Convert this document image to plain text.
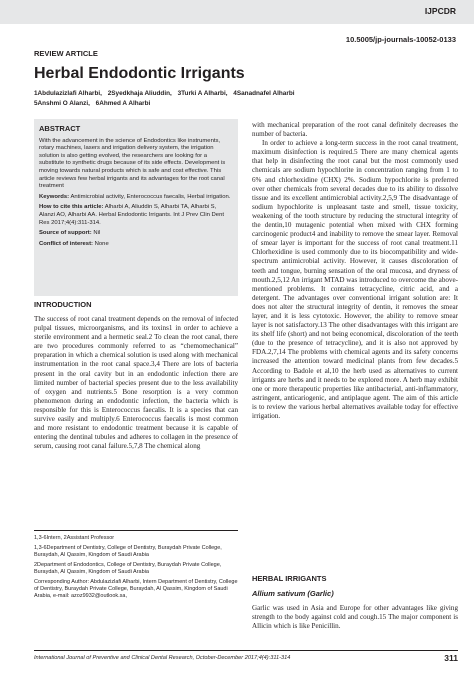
IJPCDR
10.5005/jp-journals-10052-0133
REVIEW ARTICLE
Herbal Endodontic Irrigants
1Abdulazizlafi Alharbi, 2Syedkhaja Aliuddin, 3Turki A Alharbi, 4Sanadnafel Alharbi
5Anshmi O Alanzi, 6Ahmed A Alharbi
ABSTRACT

With the advancement in the science of Endodontics like instruments, rotary machines, lasers and irrigation delivery system, the irrigation solution is also getting evolved, the researchers are looking for a substitute to synthetic drugs because of its side effects. Development is moving towards natural products which is safe and cost effective. This article reviews few herbal irrigants and its advantages for the root canal treatment

Keywords: Antimicrobial activity, Enterococcus faecalis, Herbal irrigation.

How to cite this article: Alharbi A, Aliuddin S, Alharbi TA, Alharbi S, Alanzi AO, Alharbi AA. Herbal Endodontic Irrigants. Int J Prev Clin Dent Res 2017;4(4):311-314.

Source of support: Nil

Conflict of interest: None

INTRODUCTION
The success of root canal treatment depends on the removal of infected pulpal tissues, microorganisms, and its toxins1 in order to achieve a sterile environment and a hermetic seal.2 To clean the root canal, there are two procedures commonly referred to as “chemomechanical” preparation in which a chemical solution is used along with mechanical instrumentation in the root canal space.3,4 There are lots of bacteria present in the oral cavity but in an endodontic infection there are limited number of bacterial species present due to the less availability of oxygen and nutrients.5 Bone resorption is a very common phenomenon during an endodontic infection, the bacteria which is responsible for this is Enterococcus faecalis. It is a species that can survive easily and multiply.6 Enterococcus faecalis is most common and more resistant to endodontic treatment because it is capable of entering the dentinal tubules and adheres to collagen in the presence of serum, causing root canal failure.5,7,8 The chemical along

1,3-6Intern, 2Assistant Professor

1,3-6Department of Dentistry, College of Dentistry, Buraydah Private College, Buraydah, Al Qassim, Kingdom of Saudi Arabia

2Department of Endodontics, College of Dentistry, Buraydah Private College, Buraydah, Al Qassim, Kingdom of Saudi Arabia

Corresponding Author: Abdulazizlafi Alharbi, Intern Department of Dentistry, College of Dentistry, Buraydah Private College, Buraydah, Al Qassim, Kingdom of Saudi Arabia, e-mail: azoz9932@outlook.sa,

with mechanical preparation of the root canal definitely decreases the number of bacteria.
In order to achieve a long-term success in the root canal treatment, maximum disinfection is required.5 There are many chemical agents that help in disinfecting the root canal but the most commonly used chemicals are sodium hypochlorite in concentration ranging from 1 to 6% and chlorhexidine (CHX) 2%. Sodium hypochlorite is preferred over other chemicals from several decades due to its ability to dissolve tissue and its excellent antimicrobial activity.2,5,9 The disadvantage of sodium hypochlorite is unpleasant taste and smell, tissue toxicity, weakening of the tooth structure by reducing the structural integrity of the dentin,10 mutagenic potential when mixed with CHX forming carcinogenic product4 and inability to remove the smear layer. Removal of smear layer is important for the success of root canal treatment.11 Chlorhexidine is used commonly due to its biocompatibility and wide-spectrum antimicrobial activity. However, it causes discoloration of teeth and tongue, burning sensation of the oral mucosa, and dryness of mouth.2,5,12 An irrigant MTAD was introduced to overcome the above-mentioned problems. It contains tetracycline, citric acid, and a detergent. The advantages over conventional irrigant solution are: It does not alter the structural integrity of dentin, it removes the smear layer, and it is less cytotoxic. However, the ability to remove smear layer is not satisfactory.13 The other disadvantages with this irrigant are its shelf life (short) and not being economical, discoloration of the teeth (due to the presence of tetracycline), and it is also not approved by FDA.2,7,14 The problems with chemical agents and its safety concerns increased the attention toward medicinal plants from few decades.5 According to Badole et al,10 the herb used as alternatives to current irrigants are herbs and it needs to be explored more. A herb may exhibit one or more therapeutic properties like antibacterial, anti-inflammatory, astringent, anticariogenic, and antiplaque agent. The aim of this article is to review the various herbal alternatives available today for effective irrigation.
HERBAL IRRIGANTS
Allium sativum (Garlic)
Garlic was used in Asia and Europe for other advantages like giving strength to the body against cold and cough.15 The major component is Allicin which is like Penicillin.
International Journal of Preventive and Clinical Dental Research, October-December 2017;4(4):311-314	311
